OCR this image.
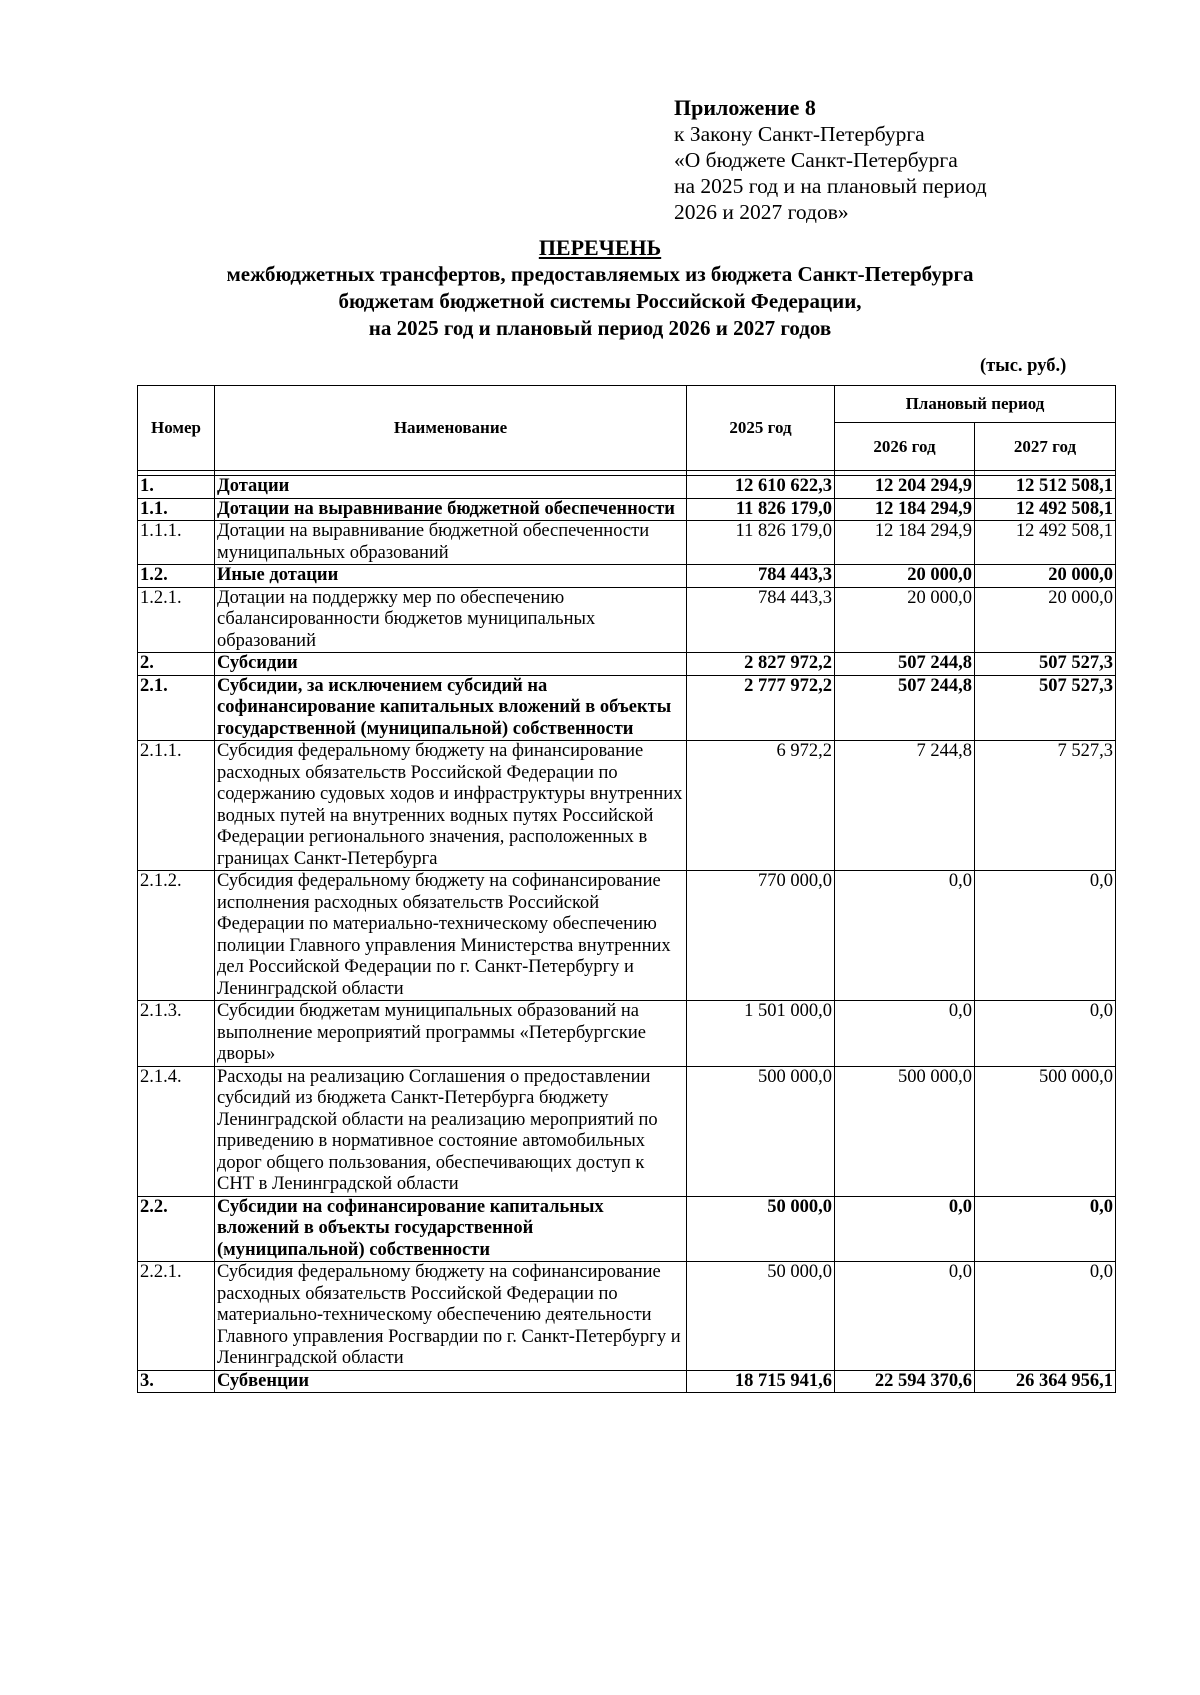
Приложение 8
к Закону Санкт-Петербурга
«О бюджете Санкт-Петербурга
на 2025 год и на плановый период
2026 и 2027 годов»
ПЕРЕЧЕНЬ
межбюджетных трансфертов, предоставляемых из бюджета Санкт-Петербурга
бюджетам бюджетной системы Российской Федерации,
на 2025 год и плановый период 2026 и 2027 годов
(тыс. руб.)
Номер	Наименование	2025 год	Плановый период	
			2026 год	2027 год

1.	Дотации	12 610 622,3	12 204 294,9	12 512 508,1
1.1.	Дотации на выравнивание бюджетной обеспеченности	11 826 179,0	12 184 294,9	12 492 508,1
1.1.1.	Дотации на выравнивание бюджетной обеспеченности муниципальных образований	11 826 179,0	12 184 294,9	12 492 508,1
1.2.	Иные дотации	784 443,3	20 000,0	20 000,0
1.2.1.	Дотации на поддержку мер по обеспечению сбалансированности бюджетов муниципальных образований	784 443,3	20 000,0	20 000,0
2.	Субсидии	2 827 972,2	507 244,8	507 527,3
2.1.	Субсидии, за исключением субсидий на софинансирование капитальных вложений в объекты государственной (муниципальной) собственности	2 777 972,2	507 244,8	507 527,3
2.1.1.	Субсидия федеральному бюджету на финансирование расходных обязательств Российской Федерации по содержанию судовых ходов и инфраструктуры внутренних водных путей на внутренних водных путях Российской Федерации регионального значения, расположенных в границах Санкт-Петербурга	6 972,2	7 244,8	7 527,3
2.1.2.	Субсидия федеральному бюджету на софинансирование исполнения расходных обязательств Российской Федерации по материально-техническому обеспечению полиции Главного управления Министерства внутренних дел Российской Федерации по г. Санкт-Петербургу и Ленинградской области	770 000,0	0,0	0,0
2.1.3.	Субсидии бюджетам муниципальных образований на выполнение мероприятий программы «Петербургские дворы»	1 501 000,0	0,0	0,0
2.1.4.	Расходы на реализацию Соглашения о предоставлении субсидий из бюджета Санкт-Петербурга бюджету Ленинградской области на реализацию мероприятий по приведению в нормативное состояние автомобильных дорог общего пользования, обеспечивающих доступ к СНТ в Ленинградской области	500 000,0	500 000,0	500 000,0
2.2.	Субсидии на софинансирование капитальных вложений в объекты государственной (муниципальной) собственности	50 000,0	0,0	0,0
2.2.1.	Субсидия федеральному бюджету на софинансирование расходных обязательств Российской Федерации по материально-техническому обеспечению деятельности Главного управления Росгвардии по г. Санкт-Петербургу и Ленинградской области	50 000,0	0,0	0,0
3.	Субвенции	18 715 941,6	22 594 370,6	26 364 956,1
